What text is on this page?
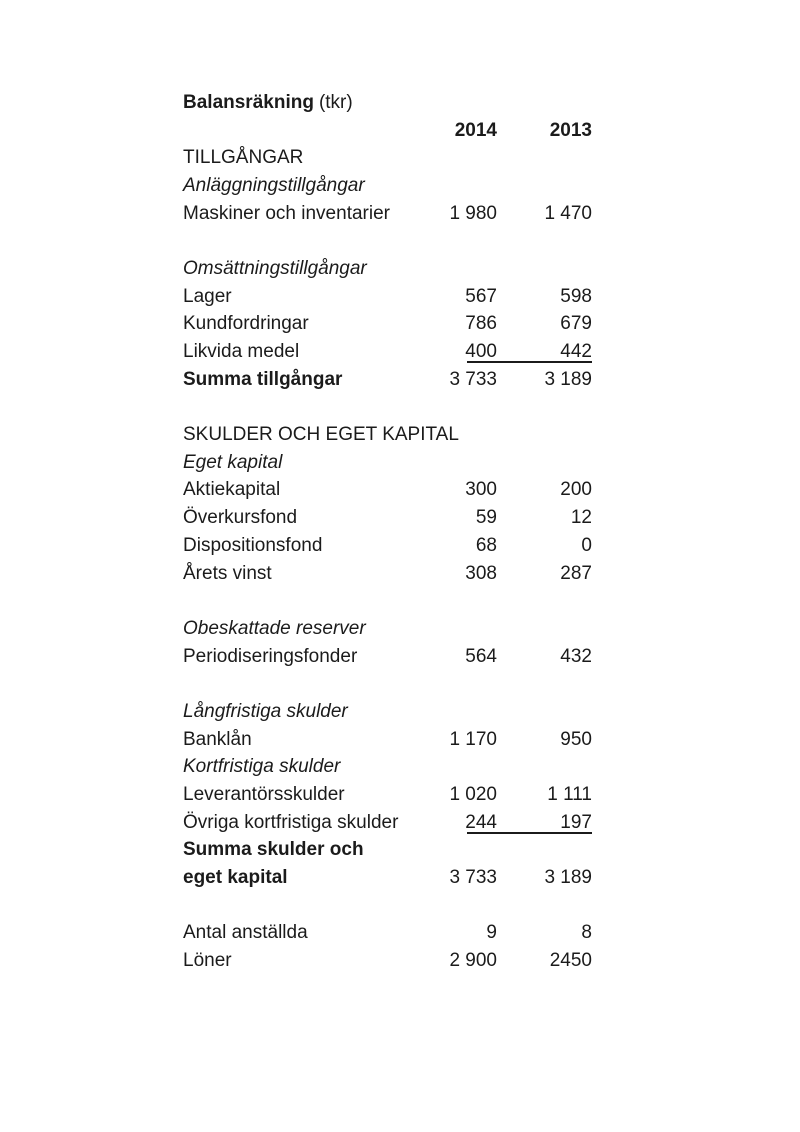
Balansräkning (tkr)
2014	2013
TILLGÅNGAR
Anläggningstillgångar
Maskiner och inventarier	1 980	1 470
Omsättningstillgångar
Lager	567	598
Kundfordringar	786	679
Likvida medel	400	442
Summa tillgångar	3 733	3 189
SKULDER OCH EGET KAPITAL
Eget kapital
Aktiekapital	300	200
Överkursfond	59	12
Dispositionsfond	68	0
Årets vinst	308	287
Obeskattade reserver
Periodiseringsfonder	564	432
Långfristiga skulder
Banklån	1 170	950
Kortfristiga skulder
Leverantörsskulder	1 020	1 111
Övriga kortfristiga skulder	244	197
Summa skulder och
eget kapital	3 733	3 189
Antal anställda	9	8
Löner	2 900	2450
